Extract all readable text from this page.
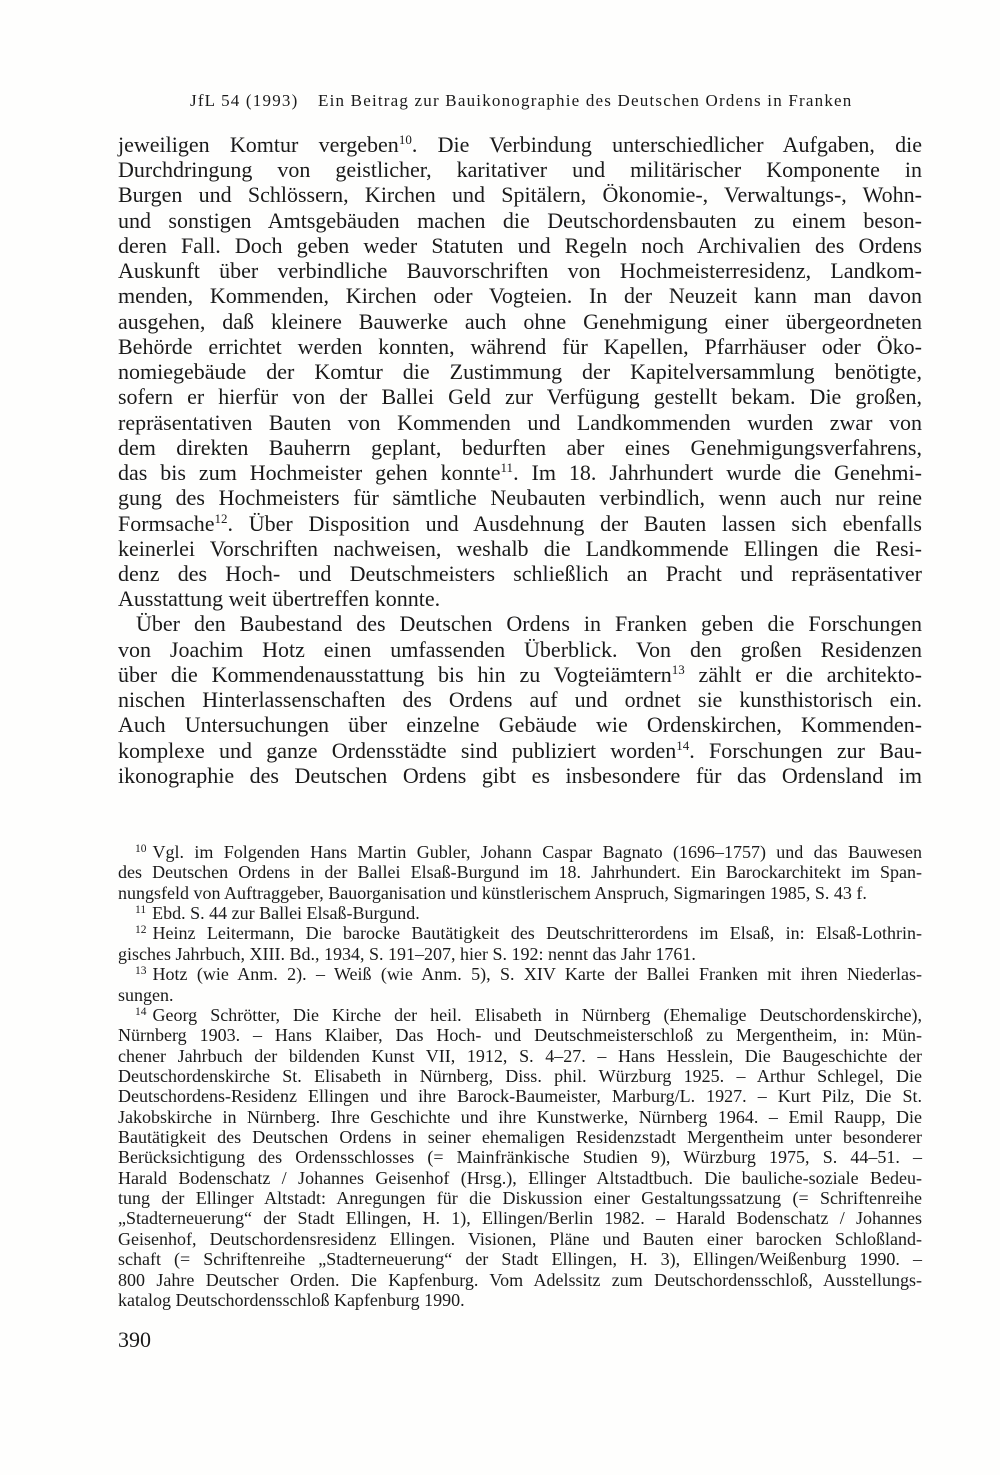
JfL 54 (1993) Ein Beitrag zur Bauikonographie des Deutschen Ordens in Franken
jeweiligen Komtur vergeben$^{10}$. Die Verbindung unterschiedlicher Aufgaben, die
Durchdringung von geistlicher, karitativer und militärischer Komponente in
Burgen und Schlössern, Kirchen und Spitälern, Ökonomie-, Verwaltungs-, Wohn-
und sonstigen Amtsgebäuden machen die Deutschordensbauten zu einem beson-
deren Fall. Doch geben weder Statuten und Regeln noch Archivalien des Ordens
Auskunft über verbindliche Bauvorschriften von Hochmeisterresidenz, Landkom-
menden, Kommenden, Kirchen oder Vogteien. In der Neuzeit kann man davon
ausgehen, daß kleinere Bauwerke auch ohne Genehmigung einer übergeordneten
Behörde errichtet werden konnten, während für Kapellen, Pfarrhäuser oder Öko-
nomiegebäude der Komtur die Zustimmung der Kapitelversammlung benötigte,
sofern er hierfür von der Ballei Geld zur Verfügung gestellt bekam. Die großen,
repräsentativen Bauten von Kommenden und Landkommenden wurden zwar von
dem direkten Bauherrn geplant, bedurften aber eines Genehmigungsverfahrens,
das bis zum Hochmeister gehen konnte$^{11}$. Im 18. Jahrhundert wurde die Genehmi-
gung des Hochmeisters für sämtliche Neubauten verbindlich, wenn auch nur reine
Formsache$^{12}$. Über Disposition und Ausdehnung der Bauten lassen sich ebenfalls
keinerlei Vorschriften nachweisen, weshalb die Landkommende Ellingen die Resi-
denz des Hoch- und Deutschmeisters schließlich an Pracht und repräsentativer
Ausstattung weit übertreffen konnte.
Über den Baubestand des Deutschen Ordens in Franken geben die Forschungen
von Joachim Hotz einen umfassenden Überblick. Von den großen Residenzen
über die Kommendenausstattung bis hin zu Vogteiämtern$^{13}$ zählt er die architekto-
nischen Hinterlassenschaften des Ordens auf und ordnet sie kunsthistorisch ein.
Auch Untersuchungen über einzelne Gebäude wie Ordenskirchen, Kommenden-
komplexe und ganze Ordensstädte sind publiziert worden$^{14}$. Forschungen zur Bau-
ikonographie des Deutschen Ordens gibt es insbesondere für das Ordensland im
$^{10}$ Vgl. im Folgenden Hans Martin Gubler, Johann Caspar Bagnato (1696–1757) und das Bauwesen
des Deutschen Ordens in der Ballei Elsaß-Burgund im 18. Jahrhundert. Ein Barockarchitekt im Span-
nungsfeld von Auftraggeber, Bauorganisation und künstlerischem Anspruch, Sigmaringen 1985, S. 43 f.
$^{11}$ Ebd. S. 44 zur Ballei Elsaß-Burgund.
$^{12}$ Heinz Leitermann, Die barocke Bautätigkeit des Deutschritterordens im Elsaß, in: Elsaß-Lothrin-
gisches Jahrbuch, XIII. Bd., 1934, S. 191–207, hier S. 192: nennt das Jahr 1761.
$^{13}$ Hotz (wie Anm. 2). – Weiß (wie Anm. 5), S. XIV Karte der Ballei Franken mit ihren Niederlas-
sungen.
$^{14}$ Georg Schrötter, Die Kirche der heil. Elisabeth in Nürnberg (Ehemalige Deutschordenskirche),
Nürnberg 1903. – Hans Klaiber, Das Hoch- und Deutschmeisterschloß zu Mergentheim, in: Mün-
chener Jahrbuch der bildenden Kunst VII, 1912, S. 4–27. – Hans Hesslein, Die Baugeschichte der
Deutschordenskirche St. Elisabeth in Nürnberg, Diss. phil. Würzburg 1925. – Arthur Schlegel, Die
Deutschordens-Residenz Ellingen und ihre Barock-Baumeister, Marburg/L. 1927. – Kurt Pilz, Die St.
Jakobskirche in Nürnberg. Ihre Geschichte und ihre Kunstwerke, Nürnberg 1964. – Emil Raupp, Die
Bautätigkeit des Deutschen Ordens in seiner ehemaligen Residenzstadt Mergentheim unter besonderer
Berücksichtigung des Ordensschlosses (= Mainfränkische Studien 9), Würzburg 1975, S. 44–51. –
Harald Bodenschatz / Johannes Geisenhof (Hrsg.), Ellinger Altstadtbuch. Die bauliche-soziale Bedeu-
tung der Ellinger Altstadt: Anregungen für die Diskussion einer Gestaltungssatzung (= Schriftenreihe
„Stadterneuerung“ der Stadt Ellingen, H. 1), Ellingen/Berlin 1982. – Harald Bodenschatz / Johannes
Geisenhof, Deutschordensresidenz Ellingen. Visionen, Pläne und Bauten einer barocken Schloßland-
schaft (= Schriftenreihe „Stadterneuerung“ der Stadt Ellingen, H. 3), Ellingen/Weißenburg 1990. –
800 Jahre Deutscher Orden. Die Kapfenburg. Vom Adelssitz zum Deutschordensschloß, Ausstellungs-
katalog Deutschordensschloß Kapfenburg 1990.
390
